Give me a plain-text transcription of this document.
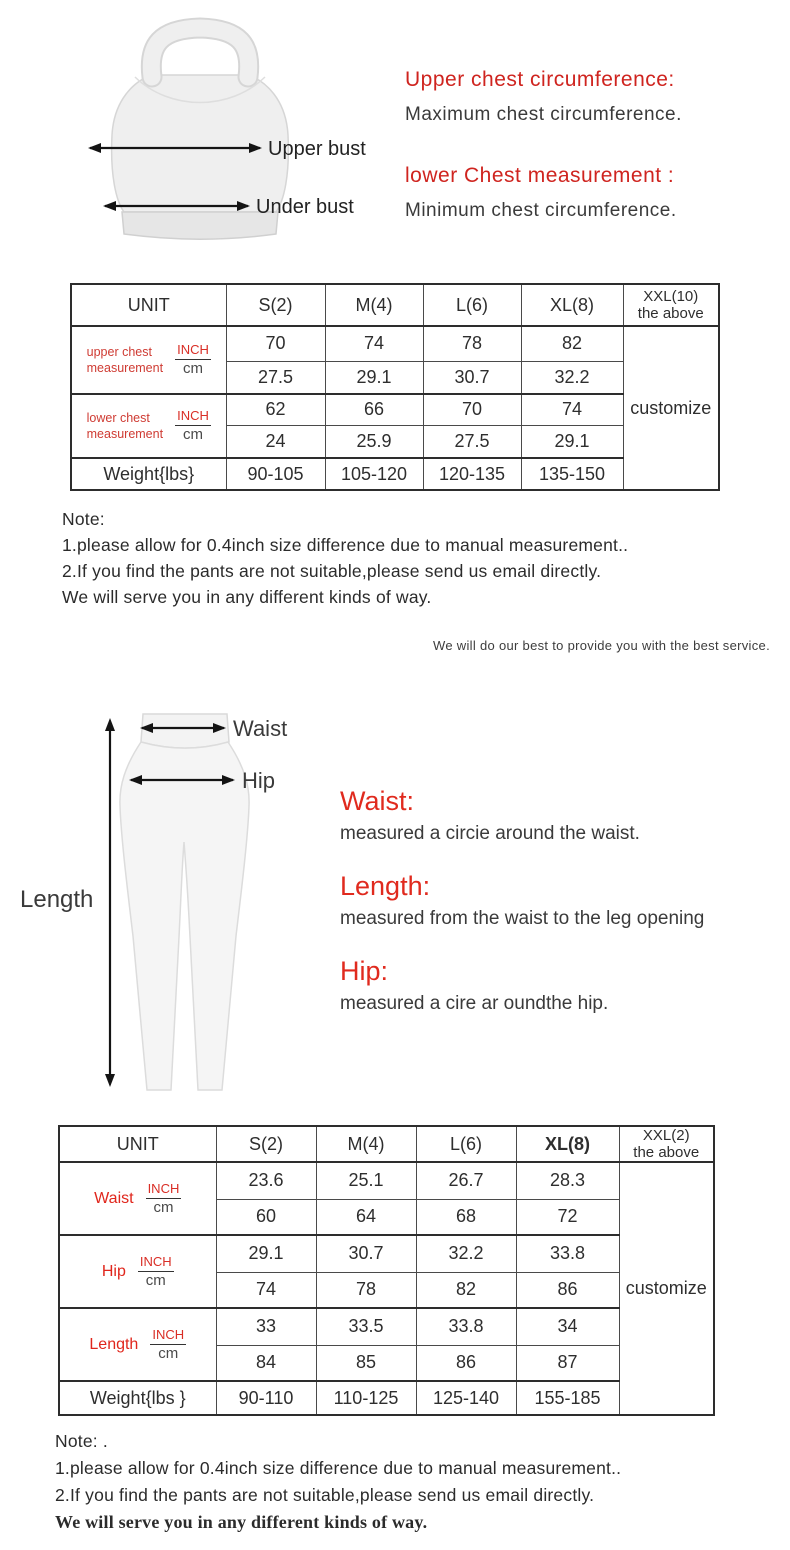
Upper bust
Under bust

Upper chest circumference:

Maximum chest circumference.

lower Chest measurement :

Minimum chest circumference.

UNIT	S(2)	M(4)	L(6)	XL(8)	XXL(10)
the above

upper chest
measurement $\frac{\text{INCH}}{cm}$	70	74	78	82	customize
	27.5	29.1	30.7	32.2	

lower chest
measurement $\frac{\text{INCH}}{cm}$	62	66	70	74	
	24	25.9	27.5	29.1	
Weight{lbs}	90-105	105-120	120-135	135-150	

Note:

1.please allow for 0.4inch size difference due to manual measurement..

2.If you find the pants are not suitable,please send us email directly.

We will serve you in any different kinds of way.

We will do our best to provide you with the best service.
Length
Waist
Hip

Waist:

measured a circie around the waist.

Length:

measured from the waist to the leg opening

Hip:

measured a cire ar oundthe hip.

UNIT	S(2)	M(4)	L(6)	XL(8)	XXL(2)
the above

Waist $\frac{\text{INCH}}{cm}$	23.6	25.1	26.7	28.3	customize
	60	64	68	72	

Hip $\frac{\text{INCH}}{cm}$	29.1	30.7	32.2	33.8	
	74	78	82	86	

Length $\frac{\text{INCH}}{cm}$	33	33.5	33.8	34	
	84	85	86	87	
Weight{lbs }	90-110	110-125	125-140	155-185	

Note: .

1.please allow for 0.4inch size difference due to manual measurement..

2.If you find the pants are not suitable,please send us email directly.

We will serve you in any different kinds of way.
